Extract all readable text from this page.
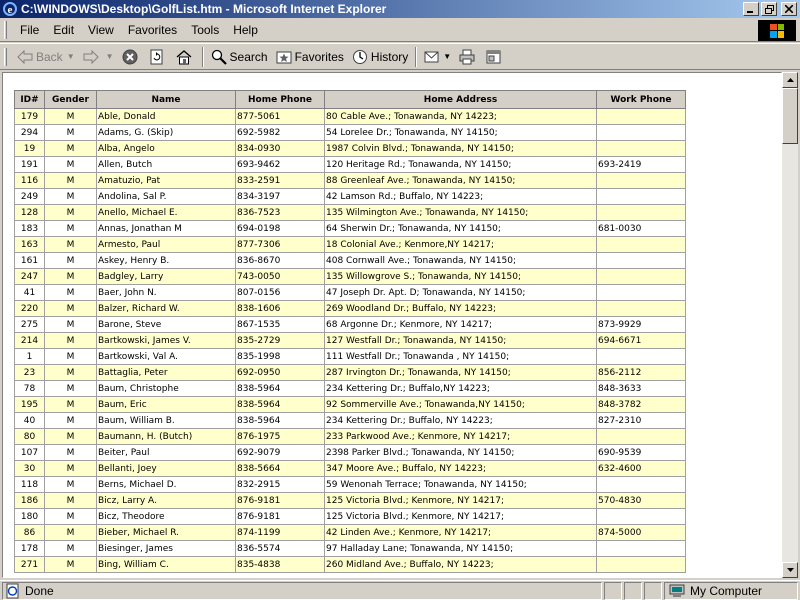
e C:\WINDOWS\Desktop\GolfList.htm - Microsoft Internet Explorer
File	Edit	View	Favorites	Tools	Help
Back ▼	▼	Search Favorites History	▼
ID#	Gender	Name	Home Phone	Home Address	Work Phone
179	M	Able, Donald	877-5061	80 Cable Ave.; Tonawanda, NY 14223;	
294	M	Adams, G. (Skip)	692-5982	54 Lorelee Dr.; Tonawanda, NY 14150;	
19	M	Alba, Angelo	834-0930	1987 Colvin Blvd.; Tonawanda, NY 14150;	
191	M	Allen, Butch	693-9462	120 Heritage Rd.; Tonawanda, NY 14150;	693-2419
116	M	Amatuzio, Pat	833-2591	88 Greenleaf Ave.; Tonawanda, NY 14150;	
249	M	Andolina, Sal P.	834-3197	42 Lamson Rd.; Buffalo, NY 14223;	
128	M	Anello, Michael E.	836-7523	135 Wilmington Ave.; Tonawanda, NY 14150;	
183	M	Annas, Jonathan M	694-0198	64 Sherwin Dr.; Tonawanda, NY 14150;	681-0030
163	M	Armesto, Paul	877-7306	18 Colonial Ave.; Kenmore,NY 14217;	
161	M	Askey, Henry B.	836-8670	408 Cornwall Ave.; Tonawanda, NY 14150;	
247	M	Badgley, Larry	743-0050	135 Willowgrove S.; Tonawanda, NY 14150;	
41	M	Baer, John N.	807-0156	47 Joseph Dr. Apt. D; Tonawanda, NY 14150;	
220	M	Balzer, Richard W.	838-1606	269 Woodland Dr.; Buffalo, NY 14223;	
275	M	Barone, Steve	867-1535	68 Argonne Dr.; Kenmore, NY 14217;	873-9929
214	M	Bartkowski, James V.	835-2729	127 Westfall Dr.; Tonawanda, NY 14150;	694-6671
1	M	Bartkowski, Val A.	835-1998	111 Westfall Dr.; Tonawanda , NY 14150;	
23	M	Battaglia, Peter	692-0950	287 Irvington Dr.; Tonawanda, NY 14150;	856-2112
78	M	Baum, Christophe	838-5964	234 Kettering Dr.; Buffalo,NY 14223;	848-3633
195	M	Baum, Eric	838-5964	92 Sommerville Ave.; Tonawanda,NY 14150;	848-3782
40	M	Baum, William B.	838-5964	234 Kettering Dr.; Buffalo, NY 14223;	827-2310
80	M	Baumann, H. (Butch)	876-1975	233 Parkwood Ave.; Kenmore, NY 14217;	
107	M	Beiter, Paul	692-9079	2398 Parker Blvd.; Tonawanda, NY 14150;	690-9539
30	M	Bellanti, Joey	838-5664	347 Moore Ave.; Buffalo, NY 14223;	632-4600
118	M	Berns, Michael D.	832-2915	59 Wenonah Terrace; Tonawanda, NY 14150;	
186	M	Bicz, Larry A.	876-9181	125 Victoria Blvd.; Kenmore, NY 14217;	570-4830
180	M	Bicz, Theodore	876-9181	125 Victoria Blvd.; Kenmore, NY 14217;	
86	M	Bieber, Michael R.	874-1199	42 Linden Ave.; Kenmore, NY 14217;	874-5000
178	M	Biesinger, James	836-5574	97 Halladay Lane; Tonawanda, NY 14150;	
271	M	Bing, William C.	835-4838	260 Midland Ave.; Buffalo, NY 14223;	
Done	My Computer
